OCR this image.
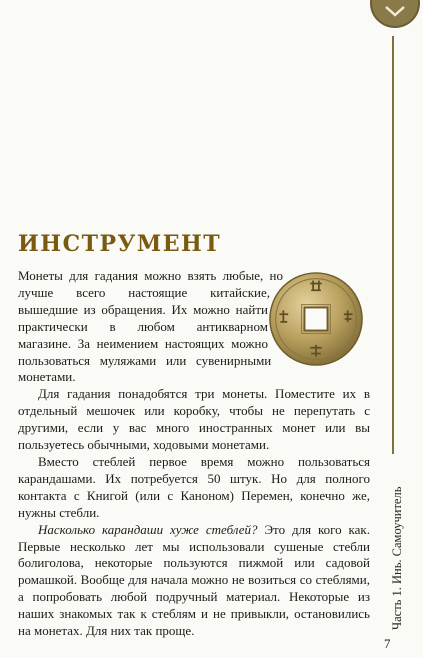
Часть 1. Инь. Самоучитель
7
ИНСТРУМЕНТ

Монеты для гадания можно взять любые, но лучше всего настоящие китайские, вышедшие из обращения. Их можно найти практически в любом антикварном магазине. За неимением настоящих можно пользоваться муляжами или сувенирными монетами.

Для гадания понадобятся три монеты. Поместите их в отдельный мешочек или коробку, чтобы не перепутать с другими, если у вас много иностранных монет или вы пользуетесь обычными, ходовыми монетами.

Вместо стеблей первое время можно пользоваться карандашами. Их потребуется 50 штук. Но для полного контакта с Книгой (или с Каноном) Перемен, конечно же, нужны стебли.

Насколько карандаши хуже стеблей? Это для кого как. Первые несколько лет мы использовали сушеные стебли болиголова, некоторые пользуются пижмой или садовой ромашкой. Вообще для начала можно не возиться со стеблями, а попробовать любой подручный материал. Некоторые из наших знакомых так к стеблям и не привыкли, остановились на монетах. Для них так проще.
